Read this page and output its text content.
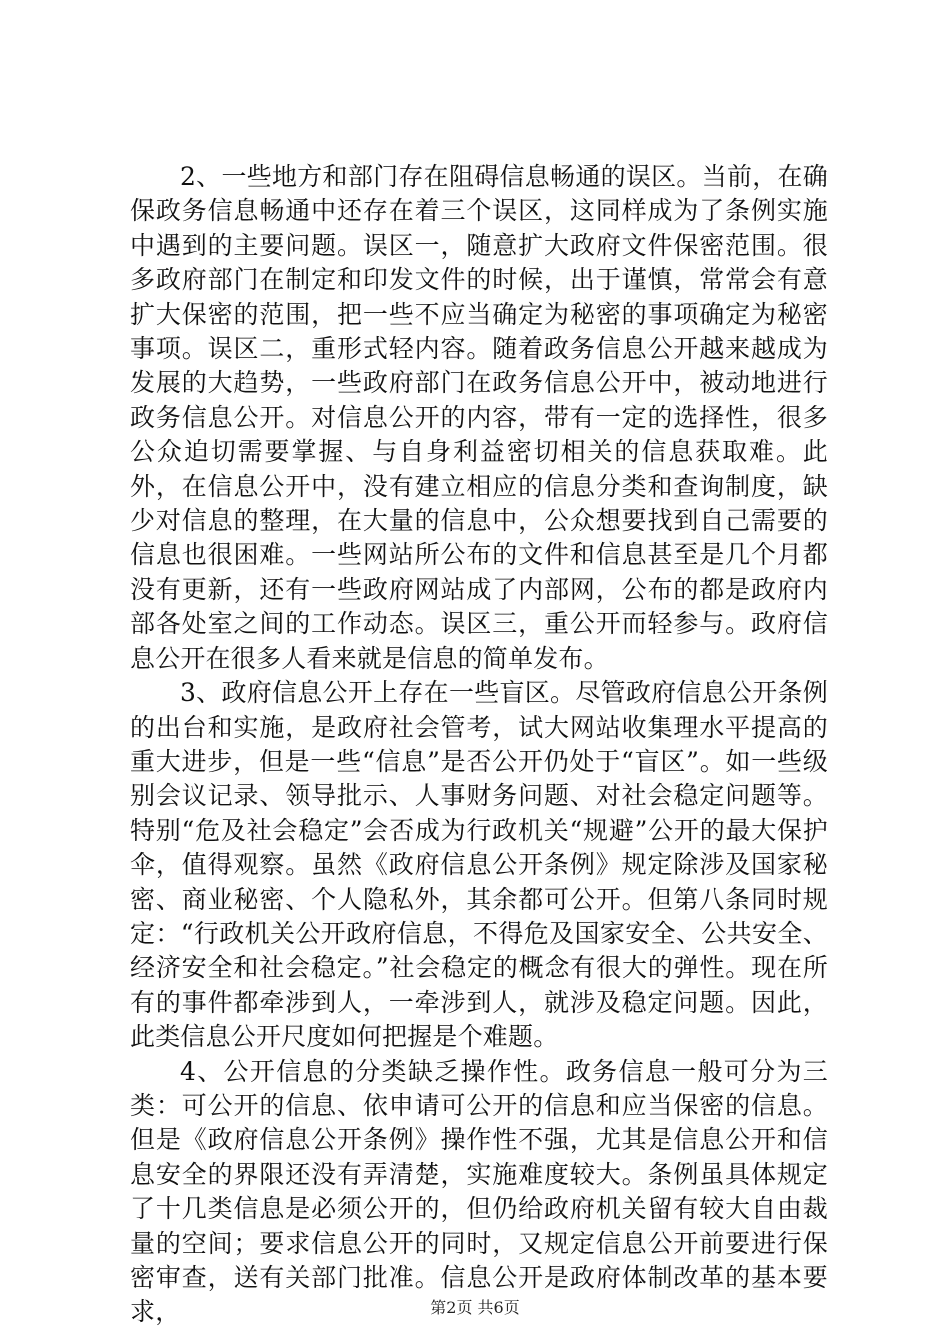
2、一些地方和部门存在阻碍信息畅通的误区。当前，在确保政务信息畅通中还存在着三个误区，这同样成为了条例实施中遇到的主要问题。误区一，随意扩大政府文件保密范围。很多政府部门在制定和印发文件的时候，出于谨慎，常常会有意扩大保密的范围，把一些不应当确定为秘密的事项确定为秘密事项。误区二，重形式轻内容。随着政务信息公开越来越成为发展的大趋势，一些政府部门在政务信息公开中，被动地进行政务信息公开。对信息公开的内容，带有一定的选择性，很多公众迫切需要掌握、与自身利益密切相关的信息获取难。此外，在信息公开中，没有建立相应的信息分类和查询制度，缺少对信息的整理，在大量的信息中，公众想要找到自己需要的信息也很困难。一些网站所公布的文件和信息甚至是几个月都没有更新，还有一些政府网站成了内部网，公布的都是政府内部各处室之间的工作动态。误区三，重公开而轻参与。政府信息公开在很多人看来就是信息的简单发布。

3、政府信息公开上存在一些盲区。尽管政府信息公开条例的出台和实施，是政府社会管考，试大网站收集理水平提高的重大进步，但是一些“信息”是否公开仍处于“盲区”。如一些级别会议记录、领导批示、人事财务问题、对社会稳定问题等。特别“危及社会稳定”会否成为行政机关“规避”公开的最大保护伞，值得观察。虽然《政府信息公开条例》规定除涉及国家秘密、商业秘密、个人隐私外，其余都可公开。但第八条同时规定：“行政机关公开政府信息，不得危及国家安全、公共安全、经济安全和社会稳定。”社会稳定的概念有很大的弹性。现在所有的事件都牵涉到人，一牵涉到人，就涉及稳定问题。因此，此类信息公开尺度如何把握是个难题。

4、公开信息的分类缺乏操作性。政务信息一般可分为三类：可公开的信息、依申请可公开的信息和应当保密的信息。但是《政府信息公开条例》操作性不强，尤其是信息公开和信息安全的界限还没有弄清楚，实施难度较大。条例虽具体规定了十几类信息是必须公开的，但仍给政府机关留有较大自由裁量的空间；要求信息公开的同时，又规定信息公开前要进行保密审查，送有关部门批准。信息公开是政府体制改革的基本要求，	第2页 共6页
